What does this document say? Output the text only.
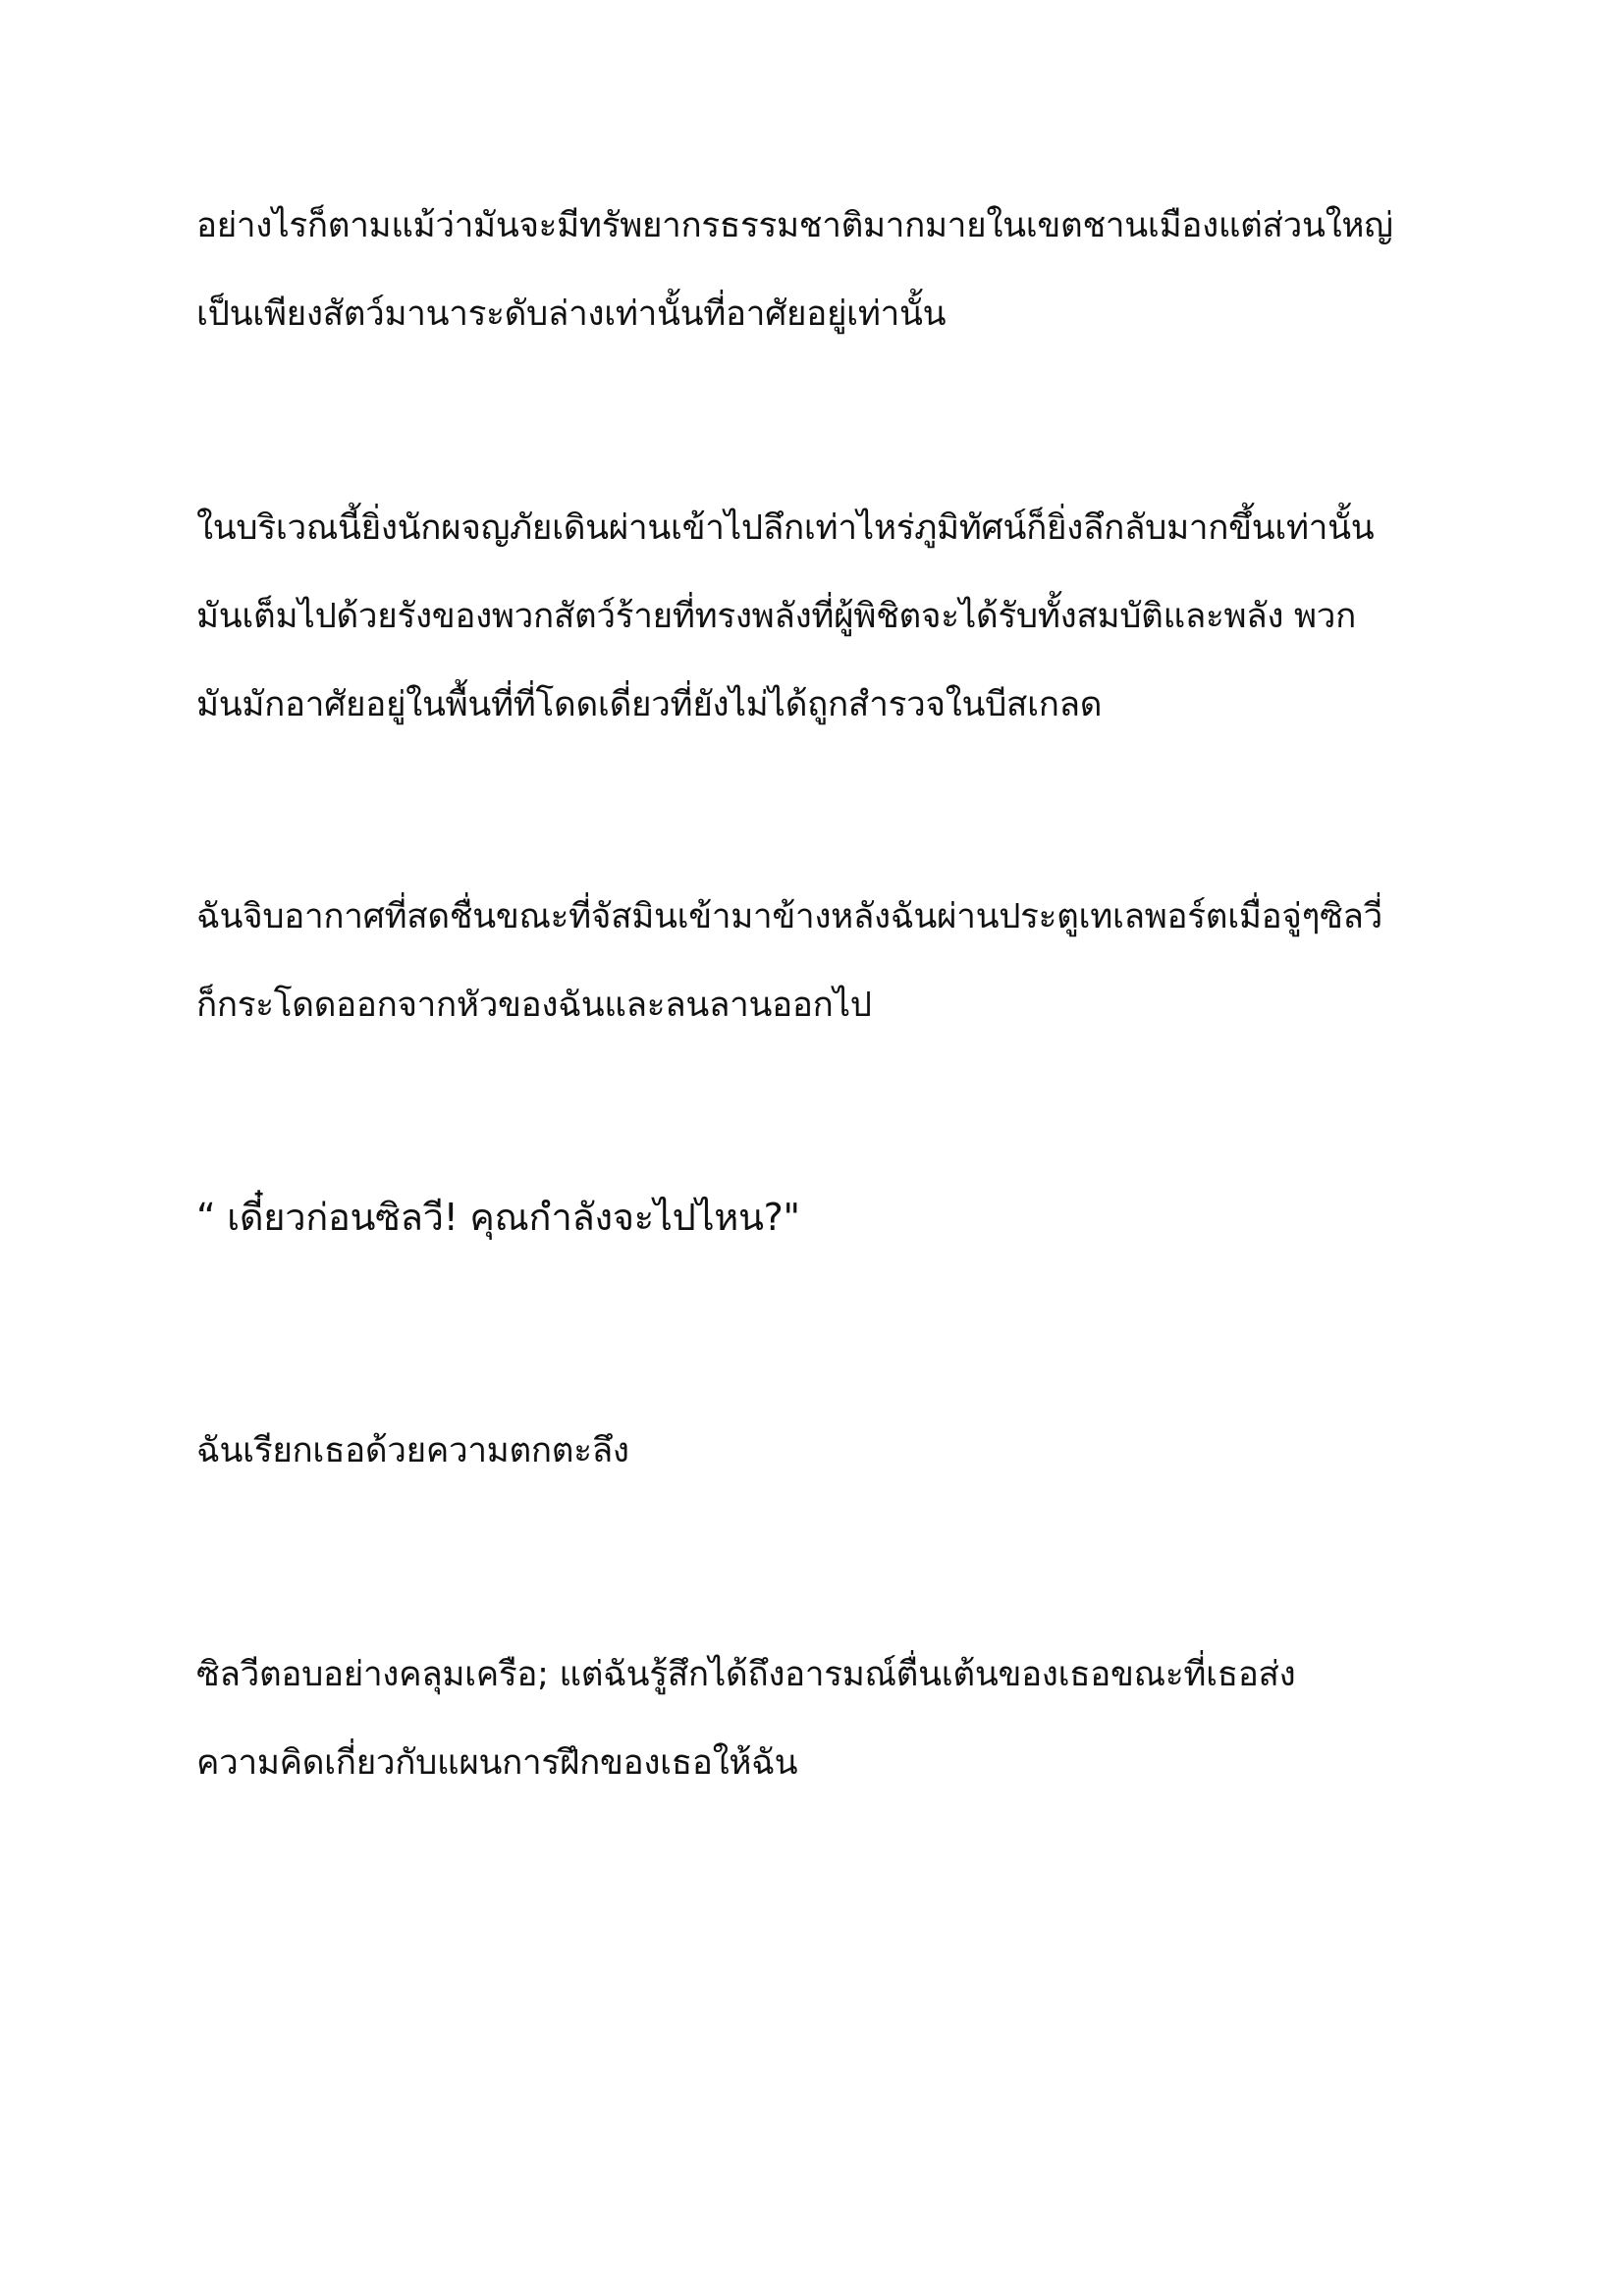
อย่างไรก็ตามแม้ว่ามันจะมีทรัพยากรธรรมชาติมากมายในเขตชานเมืองแต่ส่วนใหญ่
เป็นเพียงสัตว์มานาระดับล่างเท่านั้นที่อาศัยอยู่เท่านั้น

ในบริเวณนี้ยิ่งนักผจญภัยเดินผ่านเข้าไปลึกเท่าไหร่ภูมิทัศน์ก็ยิ่งลึกลับมากขึ้นเท่านั้น
มันเต็มไปด้วยรังของพวกสัตว์ร้ายที่ทรงพลังที่ผู้พิชิตจะได้รับทั้งสมบัติและพลัง พวก
มันมักอาศัยอยู่ในพื้นที่ที่โดดเดี่ยวที่ยังไม่ได้ถูกสำรวจในบีสเกลด

ฉันจิบอากาศที่สดชื่นขณะที่จัสมินเข้ามาข้างหลังฉันผ่านประตูเทเลพอร์ตเมื่อจู่ๆซิลวี่
ก็กระโดดออกจากหัวของฉันและลนลานออกไป

“ เดี๋ยวก่อนซิลวี! คุณกำลังจะไปไหน?"

ฉันเรียกเธอด้วยความตกตะลึง

ซิลวีตอบอย่างคลุมเครือ; แต่ฉันรู้สึกได้ถึงอารมณ์ตื่นเต้นของเธอขณะที่เธอส่ง
ความคิดเกี่ยวกับแผนการฝึกของเธอให้ฉัน
